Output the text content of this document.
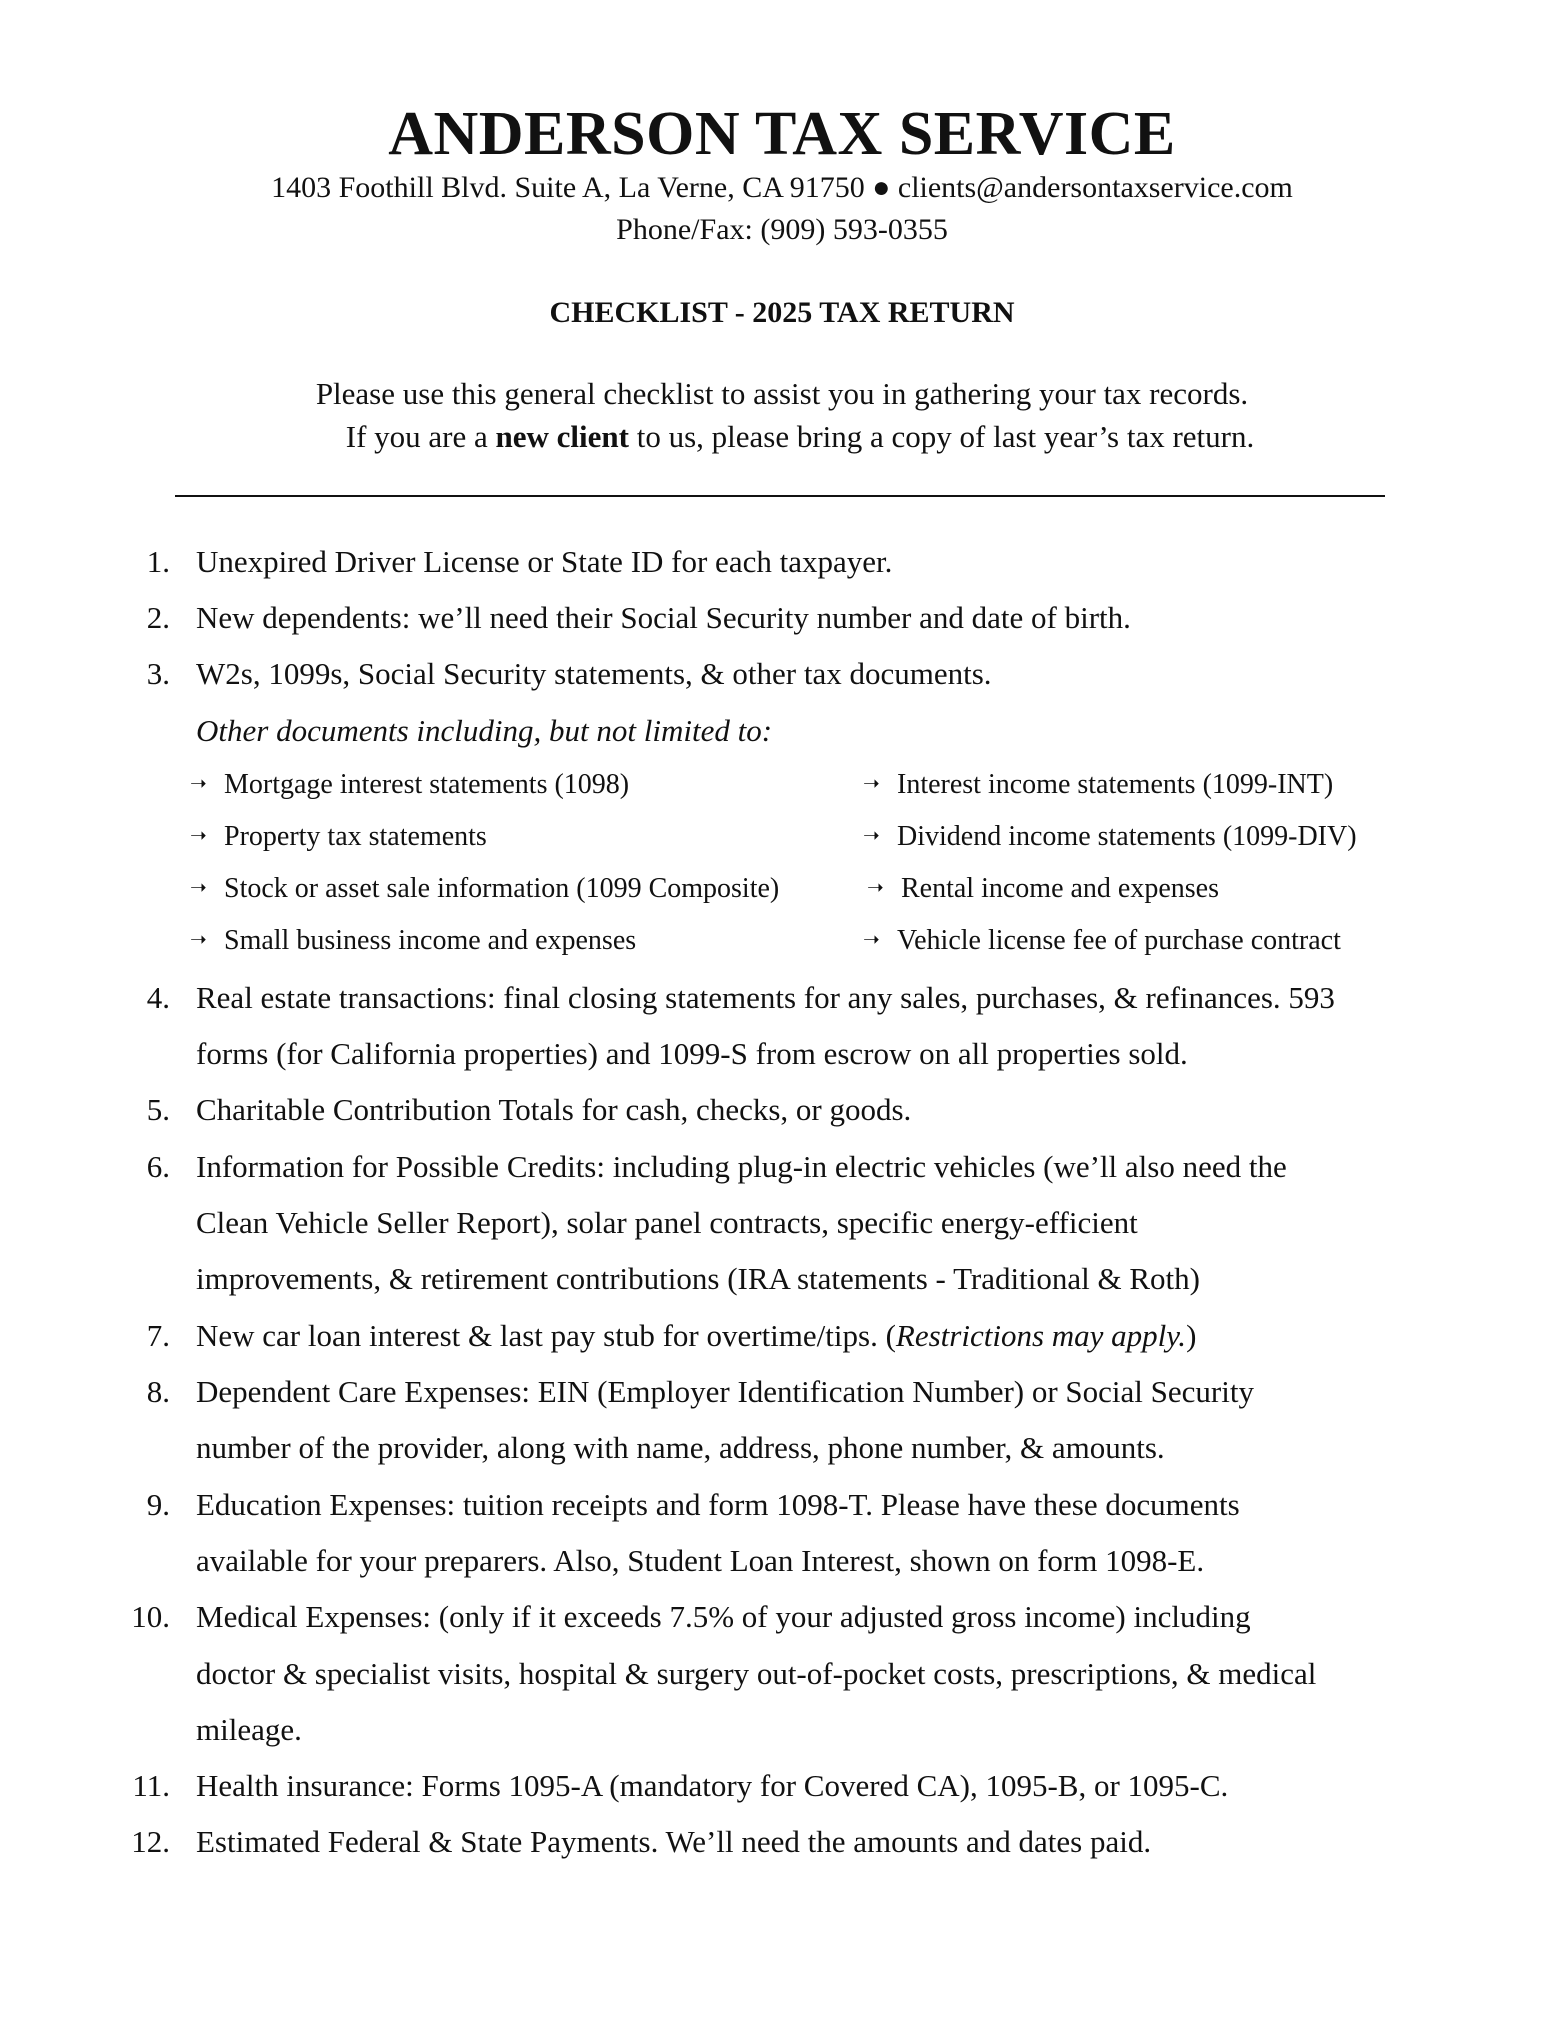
ANDERSON TAX SERVICE
1403 Foothill Blvd. Suite A, La Verne, CA 91750 ● clients@andersontaxservice.com
Phone/Fax: (909) 593-0355
CHECKLIST - 2025 TAX RETURN
Please use this general checklist to assist you in gathering your tax records.
If you are a new client to us, please bring a copy of last year’s tax return.
1. Unexpired Driver License or State ID for each taxpayer.
2. New dependents: we’ll need their Social Security number and date of birth.
3. W2s, 1099s, Social Security statements, & other tax documents.
Other documents including, but not limited to:
➝ Mortgage interest statements (1098)
➝ Property tax statements
➝ Stock or asset sale information (1099 Composite)
➝ Small business income and expenses
➝ Interest income statements (1099-INT)
➝ Dividend income statements (1099-DIV)
➝ Rental income and expenses
➝ Vehicle license fee of purchase contract
4. Real estate transactions: final closing statements for any sales, purchases, & refinances. 593
forms (for California properties) and 1099-S from escrow on all properties sold.
5. Charitable Contribution Totals for cash, checks, or goods.
6. Information for Possible Credits: including plug-in electric vehicles (we’ll also need the
Clean Vehicle Seller Report), solar panel contracts, specific energy-efficient
improvements, & retirement contributions (IRA statements - Traditional & Roth)
7. New car loan interest & last pay stub for overtime/tips. (Restrictions may apply.)
8. Dependent Care Expenses: EIN (Employer Identification Number) or Social Security
number of the provider, along with name, address, phone number, & amounts.
9. Education Expenses: tuition receipts and form 1098-T. Please have these documents
available for your preparers. Also, Student Loan Interest, shown on form 1098-E.
10. Medical Expenses: (only if it exceeds 7.5% of your adjusted gross income) including
doctor & specialist visits, hospital & surgery out-of-pocket costs, prescriptions, & medical
mileage.
11. Health insurance: Forms 1095-A (mandatory for Covered CA), 1095-B, or 1095-C.
12. Estimated Federal & State Payments. We’ll need the amounts and dates paid.
